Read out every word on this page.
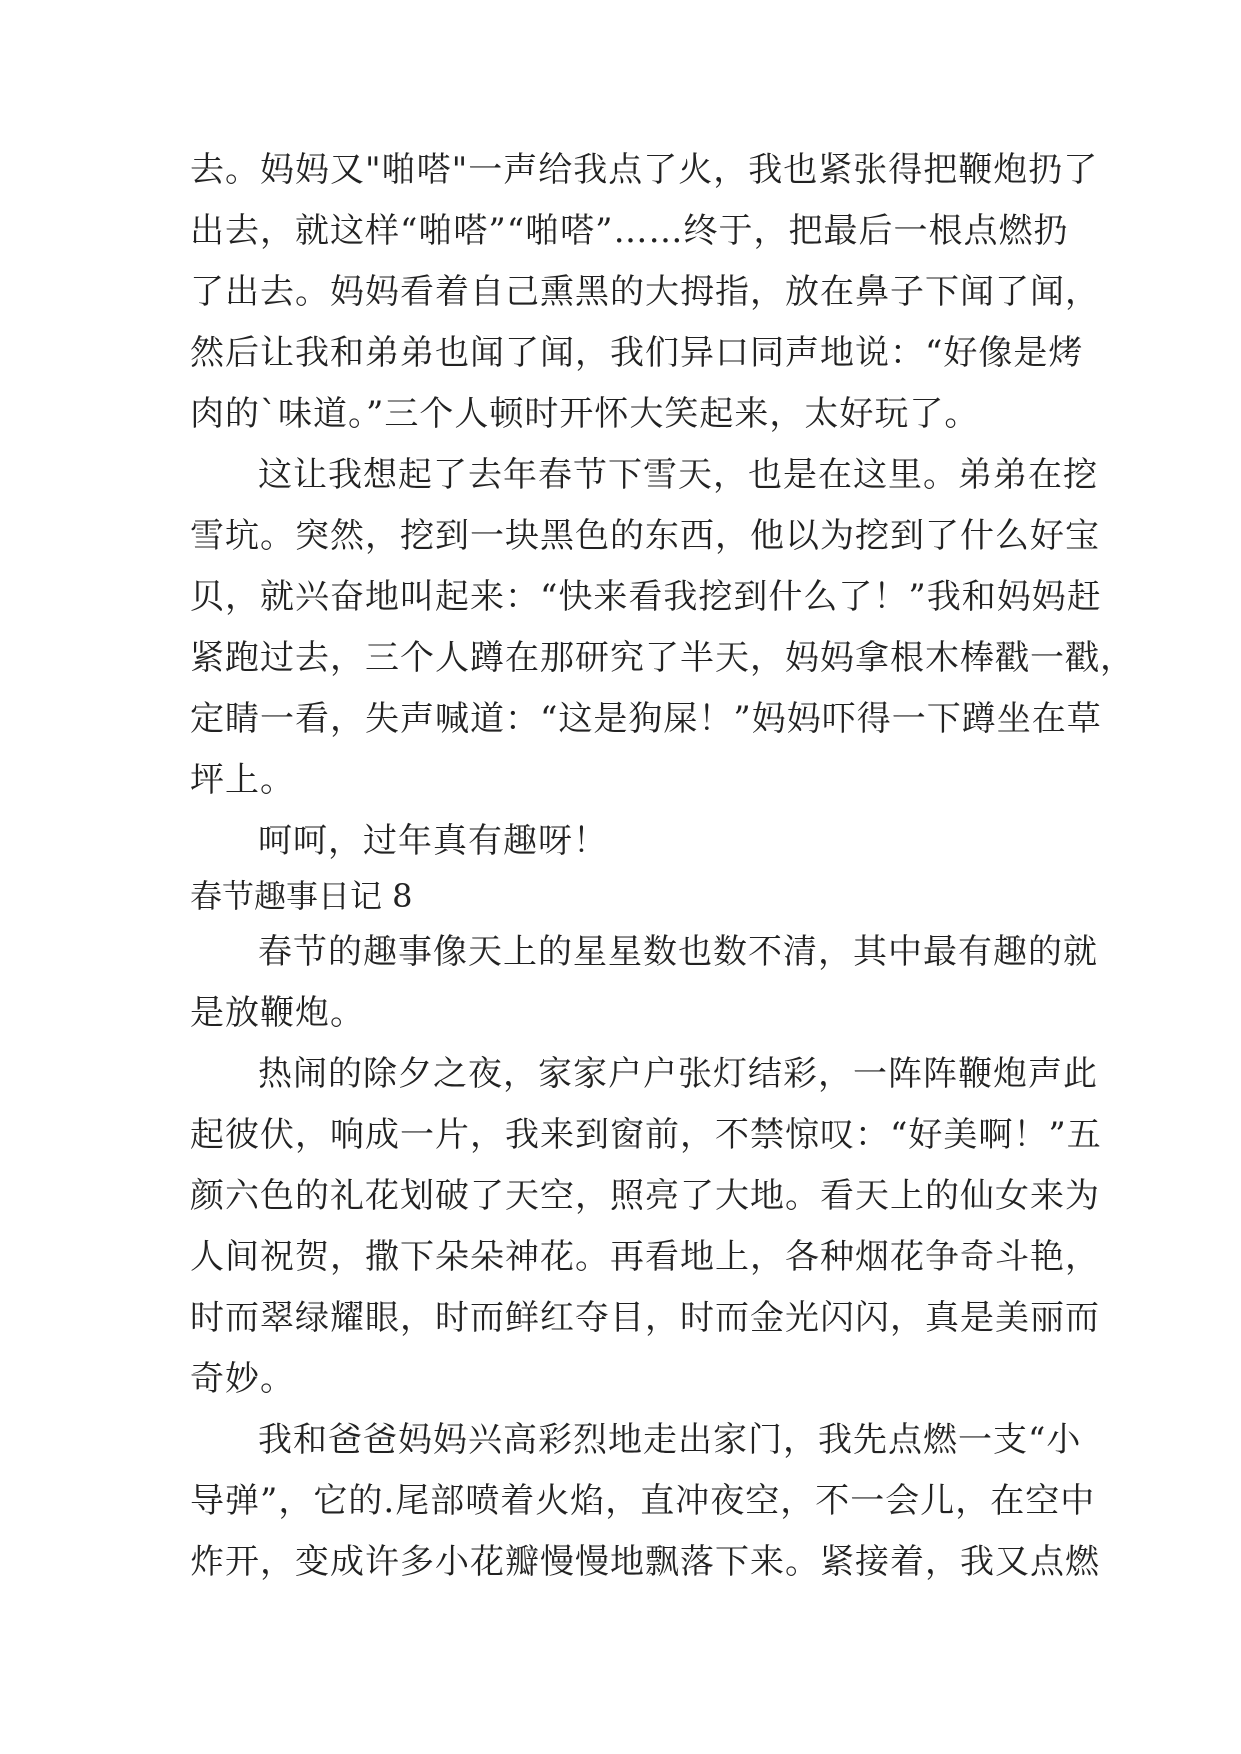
去。妈妈又"啪嗒"一声给我点了火，我也紧张得把鞭炮扔了
出去，就这样“啪嗒”“啪嗒”……终于，把最后一根点燃扔
了出去。妈妈看着自己熏黑的大拇指，放在鼻子下闻了闻，
然后让我和弟弟也闻了闻，我们异口同声地说：“好像是烤
肉的`味道。”三个人顿时开怀大笑起来，太好玩了。
这让我想起了去年春节下雪天，也是在这里。弟弟在挖
雪坑。突然，挖到一块黑色的东西，他以为挖到了什么好宝
贝，就兴奋地叫起来：“快来看我挖到什么了！”我和妈妈赶
紧跑过去，三个人蹲在那研究了半天，妈妈拿根木棒戳一戳，
定睛一看，失声喊道：“这是狗屎！”妈妈吓得一下蹲坐在草
坪上。
呵呵，过年真有趣呀！
春节趣事日记 8
春节的趣事像天上的星星数也数不清，其中最有趣的就
是放鞭炮。
热闹的除夕之夜，家家户户张灯结彩，一阵阵鞭炮声此
起彼伏，响成一片，我来到窗前，不禁惊叹：“好美啊！”五
颜六色的礼花划破了天空，照亮了大地。看天上的仙女来为
人间祝贺，撒下朵朵神花。再看地上，各种烟花争奇斗艳，
时而翠绿耀眼，时而鲜红夺目，时而金光闪闪，真是美丽而
奇妙。
我和爸爸妈妈兴高彩烈地走出家门，我先点燃一支“小
导弹”，它的.尾部喷着火焰，直冲夜空，不一会儿，在空中
炸开，变成许多小花瓣慢慢地飘落下来。紧接着，我又点燃
